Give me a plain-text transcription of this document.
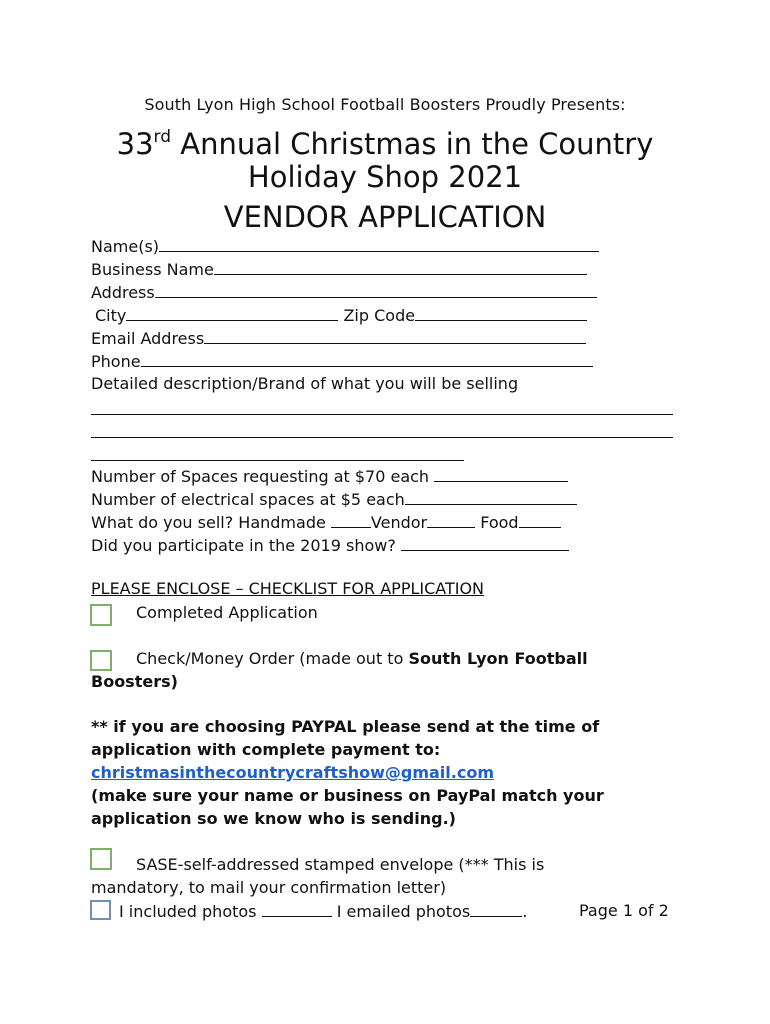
South Lyon High School Football Boosters Proudly Presents:
33rd Annual Christmas in the Country
Holiday Shop 2021
VENDOR APPLICATION
Name(s)
Business Name
Address
City	Zip Code
Email Address
Phone
Detailed description/Brand of what you will be selling
Number of Spaces requesting at $70 each
Number of electrical spaces at $5 each
What do you sell? Handmade	Vendor	Food
Did you participate in the 2019 show?
PLEASE ENCLOSE – CHECKLIST FOR APPLICATION
Completed Application
Check/Money Order (made out to South Lyon Football
Boosters)
** if you are choosing PAYPAL please send at the time of
application with complete payment to:
christmasinthecountrycraftshow@gmail.com
(make sure your name or business on PayPal match your
application so we know who is sending.)
SASE-self-addressed stamped envelope (*** This is
mandatory, to mail your confirmation letter)
I included photos	I emailed photos	.	Page 1 of 2
